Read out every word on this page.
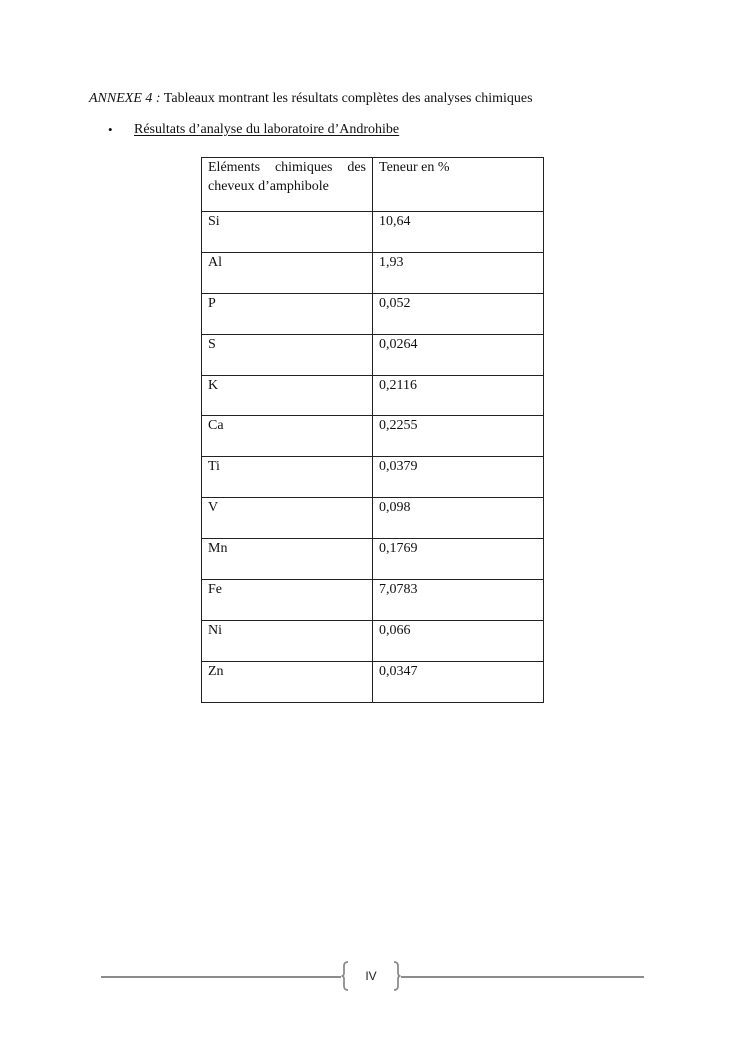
ANNEXE 4 : Tableaux montrant les résultats complètes des analyses chimiques
• Résultats d’analyse du laboratoire d’Androhibe
Eléments chimiques des cheveux d’amphibole	Teneur en %
Si	10,64
Al	1,93
P	0,052
S	0,0264
K	0,2116
Ca	0,2255
Ti	0,0379
V	0,098
Mn	0,1769
Fe	7,0783
Ni	0,066
Zn	0,0347
IV
